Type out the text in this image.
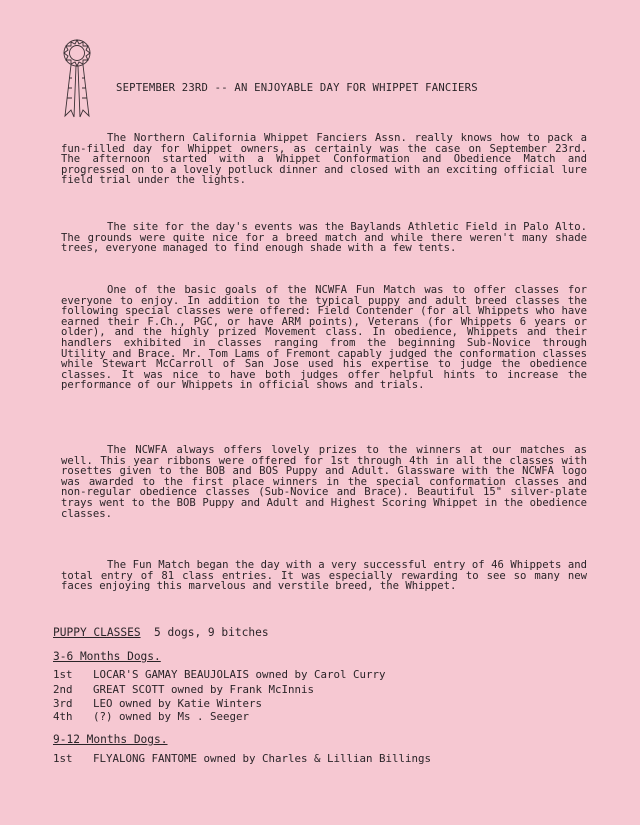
SEPTEMBER 23RD -- AN ENJOYABLE DAY FOR WHIPPET FANCIERS

The Northern California Whippet Fanciers Assn. really knows how to pack a fun-filled day for Whippet owners, as certainly was the case on September 23rd. The afternoon started with a Whippet Conformation and Obedience Match and progressed on to a lovely potluck dinner and closed with an exciting official lure field trial under the lights.

The site for the day's events was the Baylands Athletic Field in Palo Alto. The grounds were quite nice for a breed match and while there weren't many shade trees, everyone managed to find enough shade with a few tents.

One of the basic goals of the NCWFA Fun Match was to offer classes for everyone to enjoy. In addition to the typical puppy and adult breed classes the following special classes were offered: Field Contender (for all Whippets who have earned their F.Ch., PGC, or have ARM points), Veterans (for Whippets 6 years or older), and the highly prized Movement class. In obedience, Whippets and their handlers exhibited in classes ranging from the beginning Sub-Novice through Utility and Brace. Mr. Tom Lams of Fremont capably judged the conformation classes while Stewart McCarroll of San Jose used his expertise to judge the obedience classes. It was nice to have both judges offer helpful hints to increase the performance of our Whippets in official shows and trials.

The NCWFA always offers lovely prizes to the winners at our matches as well. This year ribbons were offered for 1st through 4th in all the classes with rosettes given to the BOB and BOS Puppy and Adult. Glassware with the NCWFA logo was awarded to the first place winners in the special conformation classes and non-regular obedience classes (Sub-Novice and Brace). Beautiful 15" silver-plate trays went to the BOB Puppy and Adult and Highest Scoring Whippet in the obedience classes.

The Fun Match began the day with a very successful entry of 46 Whippets and total entry of 81 class entries. It was especially rewarding to see so many new faces enjoying this marvelous and verstile breed, the Whippet.

PUPPY CLASSES 5 dogs, 9 bitches
3-6 Months Dogs.
1st LOCAR'S GAMAY BEAUJOLAIS owned by Carol Curry
2nd GREAT SCOTT owned by Frank McInnis
3rd LEO owned by Katie Winters
4th (?) owned by Ms . Seeger
9-12 Months Dogs.
1st FLYALONG FANTOME owned by Charles & Lillian Billings
